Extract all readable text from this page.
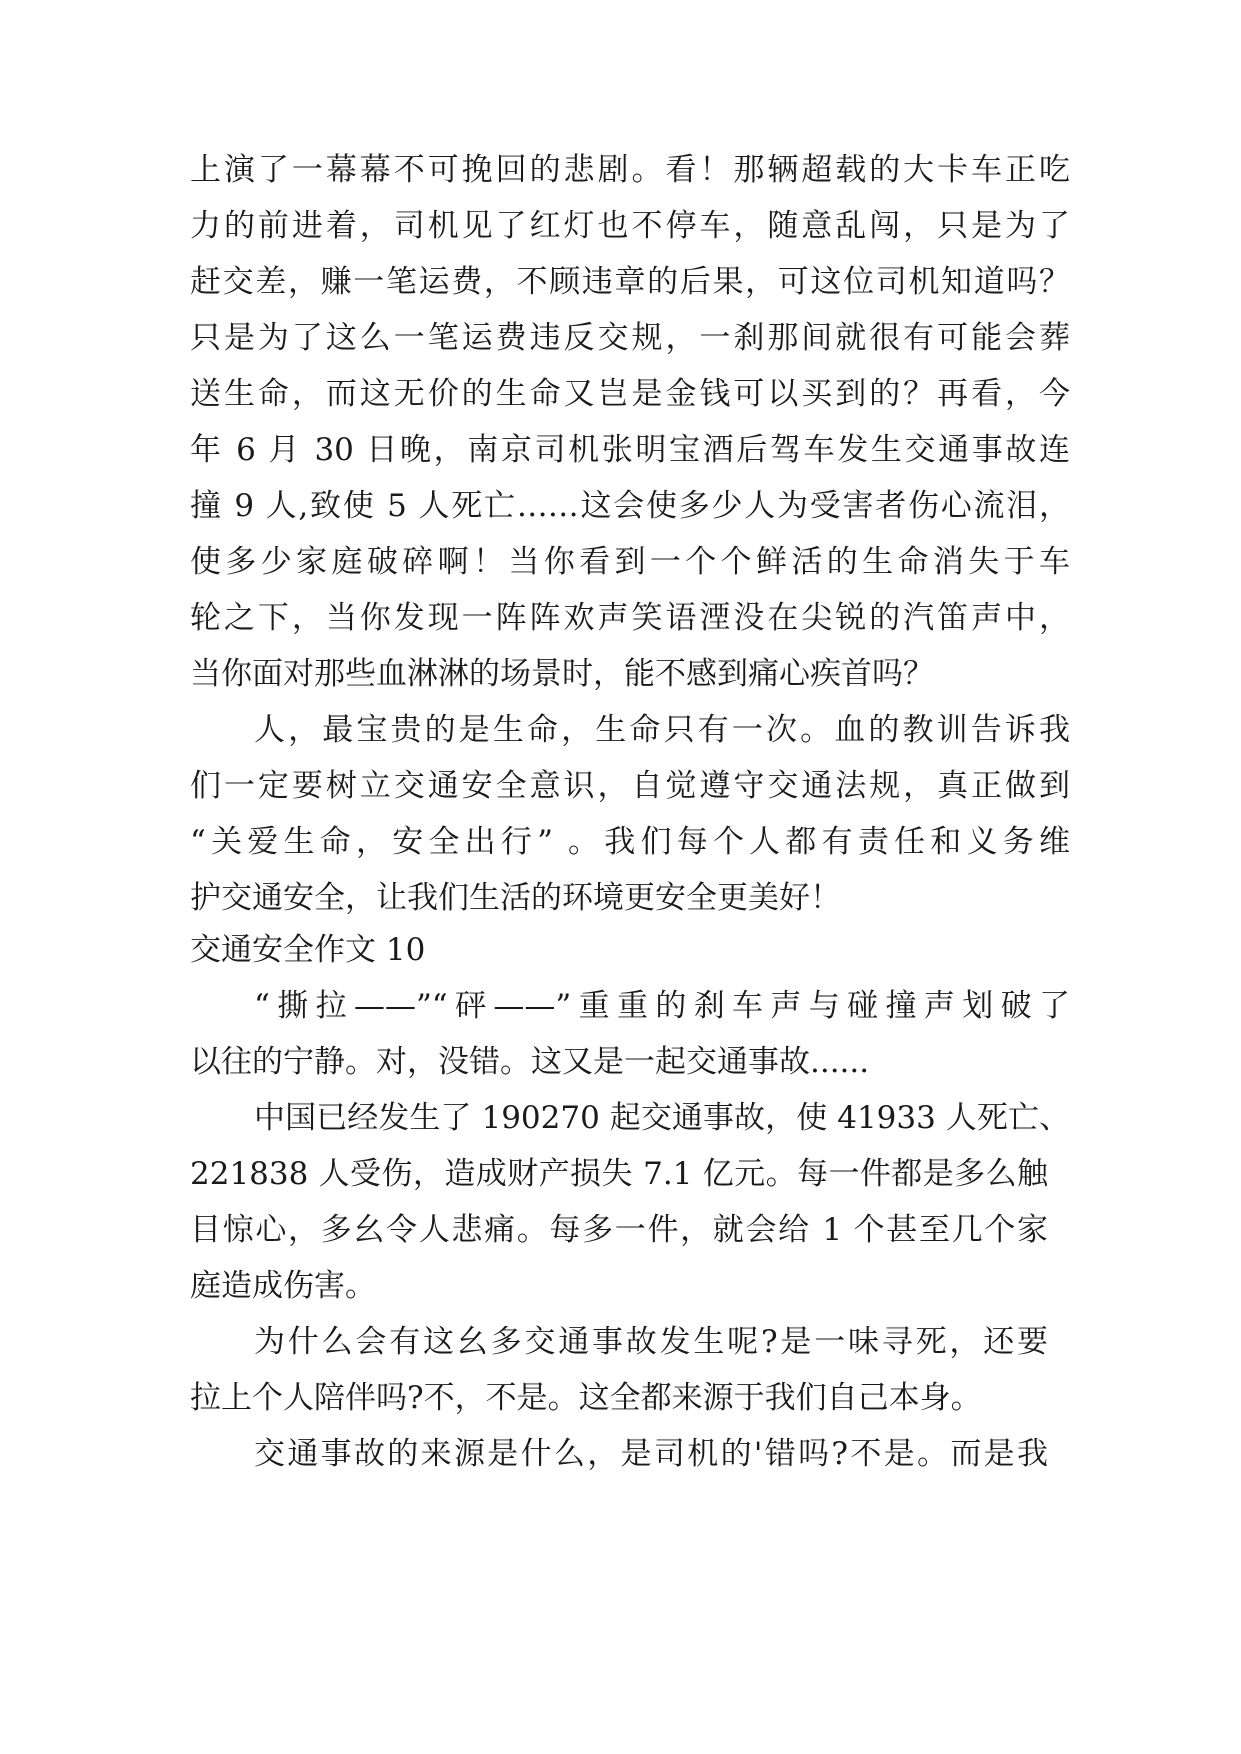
上演了一幕幕不可挽回的悲剧。看！那辆超载的大卡车正吃
力的前进着，司机见了红灯也不停车，随意乱闯，只是为了
赶交差，赚一笔运费，不顾违章的后果，可这位司机知道吗？
只是为了这么一笔运费违反交规，一刹那间就很有可能会葬
送生命，而这无价的生命又岂是金钱可以买到的？再看，今
年 6 月 30 日晚，南京司机张明宝酒后驾车发生交通事故连
撞 9 人,致使 5 人死亡……这会使多少人为受害者伤心流泪，
使多少家庭破碎啊！当你看到一个个鲜活的生命消失于车
轮之下，当你发现一阵阵欢声笑语湮没在尖锐的汽笛声中，
当你面对那些血淋淋的场景时，能不感到痛心疾首吗？
人，最宝贵的是生命，生命只有一次。血的教训告诉我
们一定要树立交通安全意识，自觉遵守交通法规，真正做到
“关爱生命，安全出行” 。我们每个人都有责任和义务维
护交通安全，让我们生活的环境更安全更美好！
交通安全作文 10
“撕拉——”“砰——”重重的刹车声与碰撞声划破了
以往的宁静。对，没错。这又是一起交通事故......
中国已经发生了 190270 起交通事故，使 41933 人死亡、
221838 人受伤，造成财产损失 7.1 亿元。每一件都是多么触
目惊心，多幺令人悲痛。每多一件，就会给 1 个甚至几个家
庭造成伤害。
为什么会有这幺多交通事故发生呢?是一味寻死，还要
拉上个人陪伴吗?不，不是。这全都来源于我们自己本身。
交通事故的来源是什么，是司机的'错吗?不是。而是我
